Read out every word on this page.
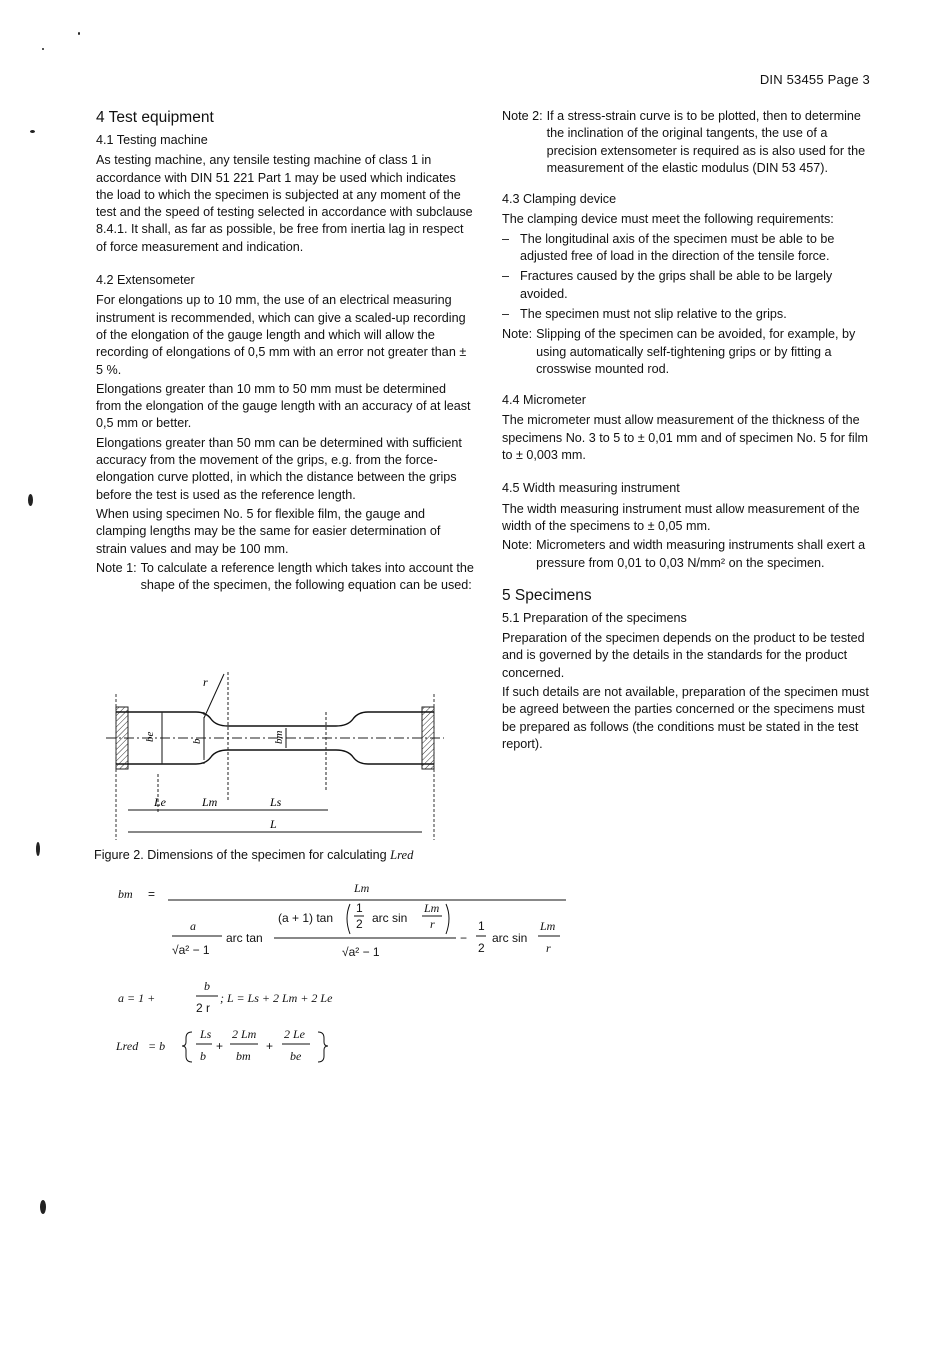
DIN 53455 Page 3
4 Test equipment
4.1 Testing machine

As testing machine, any tensile testing machine of class 1 in accordance with DIN 51 221 Part 1 may be used which indicates the load to which the specimen is subjected at any moment of the test and the speed of testing selected in accordance with subclause 8.4.1. It shall, as far as possible, be free from inertia lag in respect of force measurement and indication.

4.2 Extensometer

For elongations up to 10 mm, the use of an electrical measuring instrument is recommended, which can give a scaled-up recording of the elongation of the gauge length and which will allow the recording of elongations of 0,5 mm with an error not greater than ± 5 %.

Elongations greater than 10 mm to 50 mm must be determined from the elongation of the gauge length with an accuracy of at least 0,5 mm or better.

Elongations greater than 50 mm can be determined with sufficient accuracy from the movement of the grips, e.g. from the force-elongation curve plotted, in which the distance between the grips before the test is used as the reference length.

When using specimen No. 5 for flexible film, the gauge and clamping lengths may be the same for easier determination of strain values and may be 100 mm.

Note 1: To calculate a reference length which takes into account the shape of the specimen, the following equation can be used:
r
be	b	bm
Le	Lm	Ls
L
Figure 2. Dimensions of the specimen for calculating Lred
bm =	Lm
a
√a² − 1
arc tan
(a + 1) tan
1
2 arc sin
Lm
r
√a² − 1
−
1
2
arc sin
Lm
r
a = 1 +
b
2 r
; L = Ls + 2 Lm + 2 Le
Lred = b
Ls
b
+
2 Lm
bm
+
2 Le
be
Note 2: If a stress-strain curve is to be plotted, then to determine the inclination of the original tangents, the use of a precision extensometer is required as is also used for the measurement of the elastic modulus (DIN 53 457).
4.3 Clamping device

The clamping device must meet the following requirements:

– The longitudinal axis of the specimen must be able to be adjusted free of load in the direction of the tensile force.
– Fractures caused by the grips shall be able to be largely avoided.
– The specimen must not slip relative to the grips.
Note: Slipping of the specimen can be avoided, for example, by using automatically self-tightening grips or by fitting a crosswise mounted rod.
4.4 Micrometer

The micrometer must allow measurement of the thickness of the specimens No. 3 to 5 to ± 0,01 mm and of specimen No. 5 for film to ± 0,003 mm.

4.5 Width measuring instrument

The width measuring instrument must allow measurement of the width of the specimens to ± 0,05 mm.

Note: Micrometers and width measuring instruments shall exert a pressure from 0,01 to 0,03 N/mm² on the specimen.
5 Specimens
5.1 Preparation of the specimens

Preparation of the specimen depends on the product to be tested and is governed by the details in the standards for the product concerned.

If such details are not available, preparation of the specimen must be agreed between the parties concerned or the specimens must be prepared as follows (the conditions must be stated in the test report).
